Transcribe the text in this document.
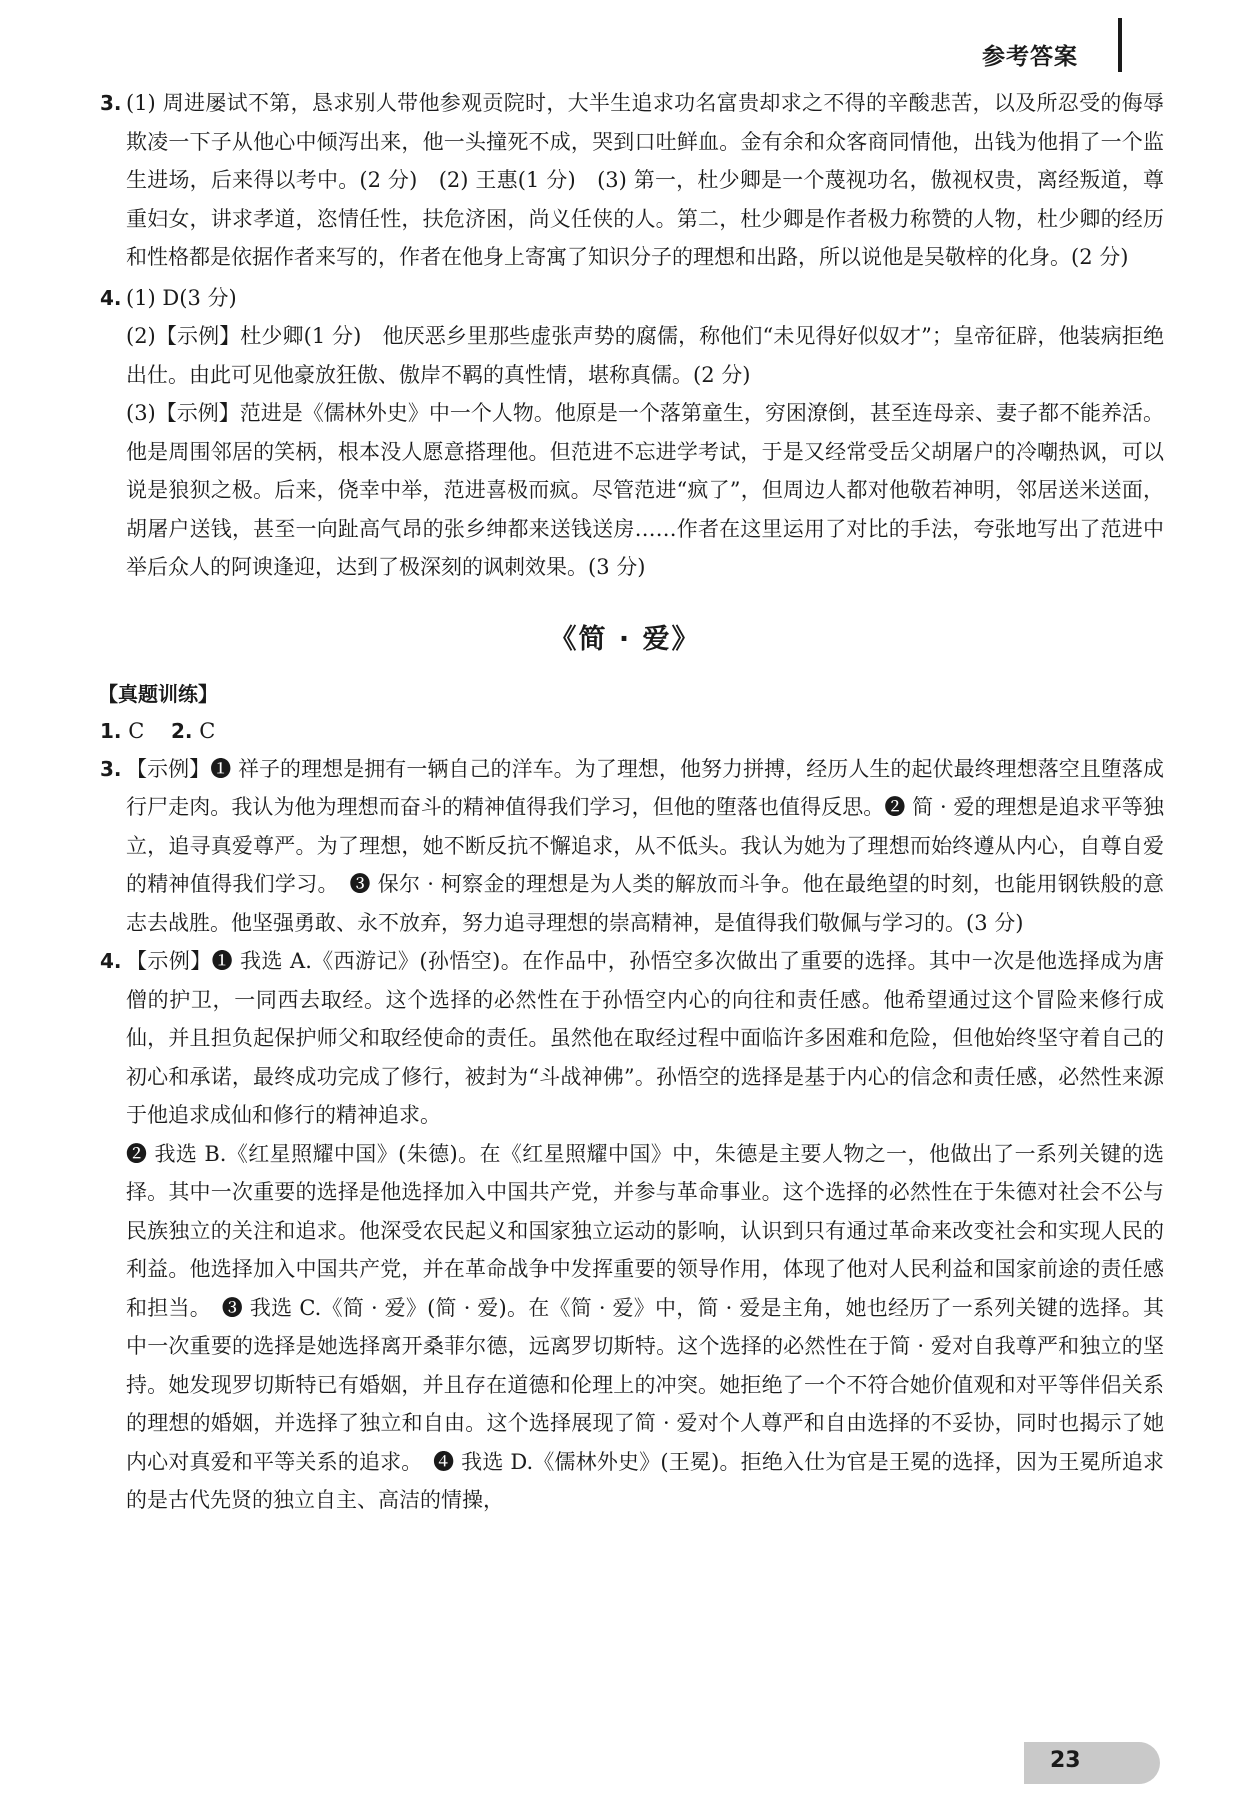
参考答案
3. (1) 周进屡试不第，恳求别人带他参观贡院时，大半生追求功名富贵却求之不得的辛酸悲苦，以及所忍受的侮辱欺凌一下子从他心中倾泻出来，他一头撞死不成，哭到口吐鲜血。金有余和众客商同情他，出钱为他捐了一个监生进场，后来得以考中。(2 分)　(2) 王惠(1 分)　(3) 第一，杜少卿是一个蔑视功名，傲视权贵，离经叛道，尊重妇女，讲求孝道，恣情任性，扶危济困，尚义任侠的人。第二，杜少卿是作者极力称赞的人物，杜少卿的经历和性格都是依据作者来写的，作者在他身上寄寓了知识分子的理想和出路，所以说他是吴敬梓的化身。(2 分)

4. (1) D(3 分)

(2)【示例】杜少卿(1 分)　他厌恶乡里那些虚张声势的腐儒，称他们“未见得好似奴才”；皇帝征辟，他装病拒绝出仕。由此可见他豪放狂傲、傲岸不羁的真性情，堪称真儒。(2 分)

(3)【示例】范进是《儒林外史》中一个人物。他原是一个落第童生，穷困潦倒，甚至连母亲、妻子都不能养活。他是周围邻居的笑柄，根本没人愿意搭理他。但范进不忘进学考试，于是又经常受岳父胡屠户的冷嘲热讽，可以说是狼狈之极。后来，侥幸中举，范进喜极而疯。尽管范进“疯了”，但周边人都对他敬若神明，邻居送米送面，胡屠户送钱，甚至一向趾高气昂的张乡绅都来送钱送房……作者在这里运用了对比的手法，夸张地写出了范进中举后众人的阿谀逢迎，达到了极深刻的讽刺效果。(3 分)

《简 · 爱》
【真题训练】
1. C 2. C
3. 【示例】❶ 祥子的理想是拥有一辆自己的洋车。为了理想，他努力拼搏，经历人生的起伏最终理想落空且堕落成行尸走肉。我认为他为理想而奋斗的精神值得我们学习，但他的堕落也值得反思。❷ 简 · 爱的理想是追求平等独立，追寻真爱尊严。为了理想，她不断反抗不懈追求，从不低头。我认为她为了理想而始终遵从内心，自尊自爱的精神值得我们学习。　❸ 保尔 · 柯察金的理想是为人类的解放而斗争。他在最绝望的时刻，也能用钢铁般的意志去战胜。他坚强勇敢、永不放弃，努力追寻理想的崇高精神，是值得我们敬佩与学习的。(3 分)

4. 【示例】❶ 我选 A.《西游记》(孙悟空)。在作品中，孙悟空多次做出了重要的选择。其中一次是他选择成为唐僧的护卫，一同西去取经。这个选择的必然性在于孙悟空内心的向往和责任感。他希望通过这个冒险来修行成仙，并且担负起保护师父和取经使命的责任。虽然他在取经过程中面临许多困难和危险，但他始终坚守着自己的初心和承诺，最终成功完成了修行，被封为“斗战神佛”。孙悟空的选择是基于内心的信念和责任感，必然性来源于他追求成仙和修行的精神追求。

❷ 我选 B.《红星照耀中国》(朱德)。在《红星照耀中国》中，朱德是主要人物之一，他做出了一系列关键的选择。其中一次重要的选择是他选择加入中国共产党，并参与革命事业。这个选择的必然性在于朱德对社会不公与民族独立的关注和追求。他深受农民起义和国家独立运动的影响，认识到只有通过革命来改变社会和实现人民的利益。他选择加入中国共产党，并在革命战争中发挥重要的领导作用，体现了他对人民利益和国家前途的责任感和担当。　❸ 我选 C.《简 · 爱》(简 · 爱)。在《简 · 爱》中，简 · 爱是主角，她也经历了一系列关键的选择。其中一次重要的选择是她选择离开桑菲尔德，远离罗切斯特。这个选择的必然性在于简 · 爱对自我尊严和独立的坚持。她发现罗切斯特已有婚姻，并且存在道德和伦理上的冲突。她拒绝了一个不符合她价值观和对平等伴侣关系的理想的婚姻，并选择了独立和自由。这个选择展现了简 · 爱对个人尊严和自由选择的不妥协，同时也揭示了她内心对真爱和平等关系的追求。　❹ 我选 D.《儒林外史》(王冕)。拒绝入仕为官是王冕的选择，因为王冕所追求的是古代先贤的独立自主、高洁的情操，

23
